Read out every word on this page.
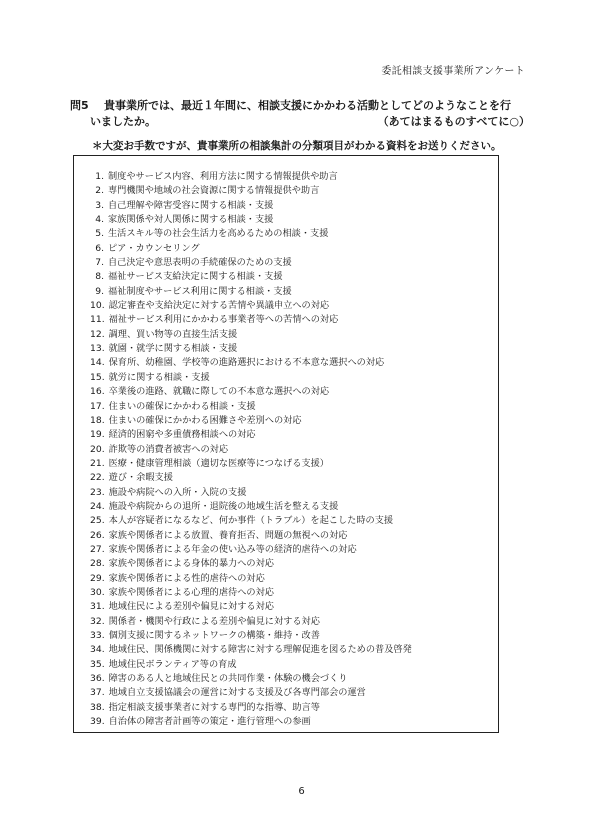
委託相談支援事業所アンケート
問5 貴事業所では、最近１年間に、相談支援にかかわる活動としてどのようなことを行
いましたか。	（あてはまるものすべてに○）
＊大変お手数ですが、貴事業所の相談集計の分類項目がわかる資料をお送りください。
1. 制度やサービス内容、利用方法に関する情報提供や助言
2. 専門機関や地域の社会資源に関する情報提供や助言
3. 自己理解や障害受容に関する相談・支援
4. 家族関係や対人関係に関する相談・支援
5. 生活スキル等の社会生活力を高めるための相談・支援
6. ピア・カウンセリング
7. 自己決定や意思表明の手続確保のための支援
8. 福祉サービス支給決定に関する相談・支援
9. 福祉制度やサービス利用に関する相談・支援
10. 認定審査や支給決定に対する苦情や異議申立への対応
11. 福祉サービス利用にかかわる事業者等への苦情への対応
12. 調理、買い物等の直接生活支援
13. 就園・就学に関する相談・支援
14. 保育所、幼稚園、学校等の進路選択における不本意な選択への対応
15. 就労に関する相談・支援
16. 卒業後の進路、就職に際しての不本意な選択への対応
17. 住まいの確保にかかわる相談・支援
18. 住まいの確保にかかわる困難さや差別への対応
19. 経済的困窮や多重債務相談への対応
20. 詐欺等の消費者被害への対応
21. 医療・健康管理相談（適切な医療等につなげる支援）
22. 遊び・余暇支援
23. 施設や病院への入所・入院の支援
24. 施設や病院からの退所・退院後の地域生活を整える支援
25. 本人が容疑者になるなど、何か事件（トラブル）を起こした時の支援
26. 家族や関係者による放置、養育拒否、問題の無視への対応
27. 家族や関係者による年金の使い込み等の経済的虐待への対応
28. 家族や関係者による身体的暴力への対応
29. 家族や関係者による性的虐待への対応
30. 家族や関係者による心理的虐待への対応
31. 地域住民による差別や偏見に対する対応
32. 関係者・機関や行政による差別や偏見に対する対応
33. 個別支援に関するネットワークの構築・維持・改善
34. 地域住民、関係機関に対する障害に対する理解促進を図るための普及啓発
35. 地域住民ボランティア等の育成
36. 障害のある人と地域住民との共同作業・体験の機会づくり
37. 地域自立支援協議会の運営に対する支援及び各専門部会の運営
38. 指定相談支援事業者に対する専門的な指導、助言等
39. 自治体の障害者計画等の策定・進行管理への参画
6
